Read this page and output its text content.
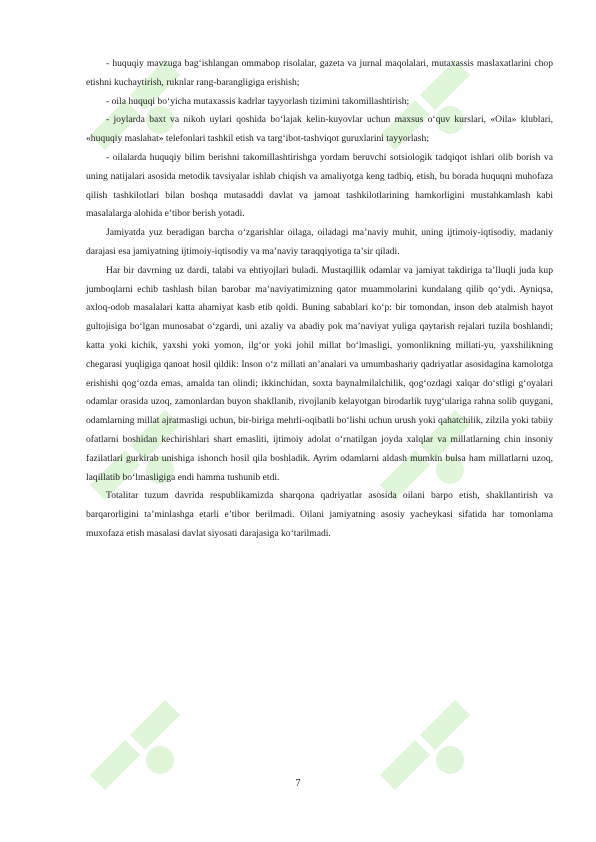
- huquqiy mavzuga bag‘ishlangan ommabop risolalar, gazeta va jurnal maqolalari, mutaxassis maslaxatlarini chop etishni kuchaytirish, ruknlar rang-barangligiga erishish;

- oila huquqi bo‘yicha mutaxassis kadrlar tayyorlash tizimini takomillashtirish;

- joylarda baxt va nikoh uylari qoshida bo‘lajak kelin-kuyovlar uchun maxsus o‘quv kurslari, «Oila» klublari, «huquqiy maslahat» telefonlari tashkil etish va targ‘ibot-tashviqot guruxlarini tayyorlash;

- oilalarda huquqiy bilim berishni takomillashtirishga yordam beruvchi sotsiologik tadqiqot ishlari olib borish va uning natijalari asosida metodik tavsiyalar ishlab chiqish va amaliyotga keng tadbiq, etish, bu borada huquqni muhofaza qilish tashkilotlari bilan boshqa mutasaddi davlat va jamoat tashkilotlarining hamkorligini mustahkamlash kabi masalalarga alohida e’tibor berish yotadi.

Jamiyatda yuz beradigan barcha o‘zgarishlar oilaga, oiladagi ma’naviy muhit, uning ijtimoiy-iqtisodiy, madaniy darajasi esa jamiyatning ijtimoiy-iqtisodiy va ma’naviy taraqqiyotiga ta’sir qiladi.

Har bir davrning uz dardi, talabi va ehtiyojlari buladi. Mustaqillik odamlar va jamiyat takdiriga ta’lluqli juda kup jumboqlarni echib tashlash bilan barobar ma’naviyatimizning qator muammolarini kundalang qilib qo‘ydi. Ayniqsa, axloq-odob masalalari katta ahamiyat kasb etib qoldi. Buning sabablari ko‘p: bir tomondan, inson deb atalmish hayot gultojisiga bo‘lgan munosabat o‘zgardi, uni azaliy va abadiy pok ma’naviyat yuliga qaytarish rejalari tuzila boshlandi; katta yoki kichik, yaxshi yoki yomon, ilg‘or yoki johil millat bo‘lmasligi, yomonlikning millati-yu, yaxshilikning chegarasi yuqligiga qanoat hosil qildik: Inson o‘z millati an’analari va umumbashariy qadriyatlar asosidagina kamolotga erishishi qog‘ozda emas, amalda tan olindi; ikkinchidan, soxta baynalmilalchilik, qog‘ozdagi xalqar do‘stligi g‘oyalari odamlar orasida uzoq, zamonlardan buyon shakllanib, rivojlanib kelayotgan birodarlik tuyg‘ulariga rahna solib quygani, odamlarning millat ajratmasligi uchun, bir-biriga mehrli-oqibatli bo‘lishi uchun urush yoki qahatchilik, zilzila yoki tabiiy ofatlarni boshidan kechirishlari shart emasliti, ijtimoiy adolat o‘rnatilgan joyda xalqlar va millatlarning chin insoniy fazilatlari gurkirab unishiga ishonch hosil qila boshladik. Ayrim odamlarni aldash mumkin bulsa ham millatlarni uzoq, laqillatib bo‘lmasligiga endi hamma tushunib etdi.

Totalitar tuzum davrida respublikamizda sharqona qadriyatlar asosida oilani barpo etish, shakllantirish va barqarorligini ta’minlashga etarli e’tibor berilmadi. Oilani jamiyatning asosiy yacheykasi sifatida har tomonlama muxofaza etish masalasi davlat siyosati darajasiga ko‘tarilmadi.

7
